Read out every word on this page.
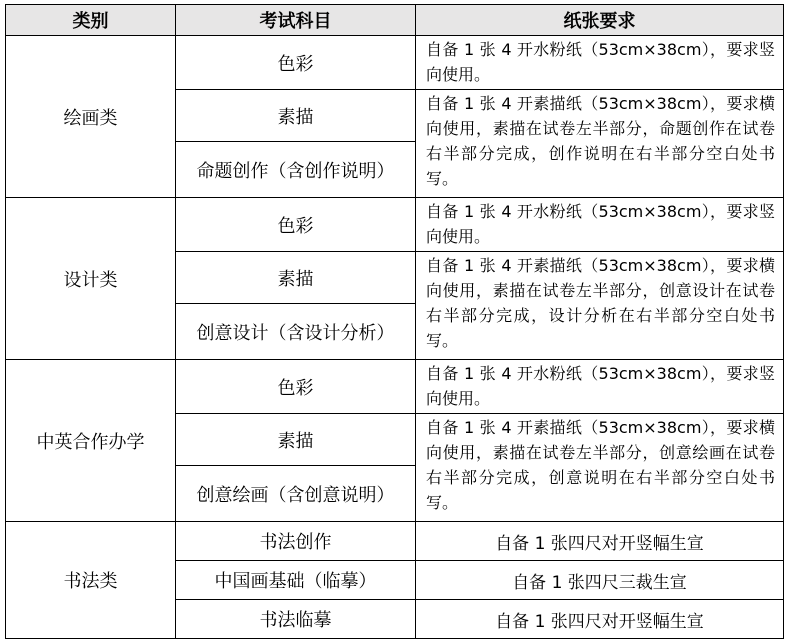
类别	考试科目	纸张要求
绘画类	色彩	自备 1 张 4 开水粉纸（53cm×38cm），要求竖向使用。
	素描	自备 1 张 4 开素描纸（53cm×38cm），要求横向使用，素描在试卷左半部分，命题创作在试卷右半部分完成，创作说明在右半部分空白处书写。
	命题创作（含创作说明）	
设计类	色彩	自备 1 张 4 开水粉纸（53cm×38cm），要求竖向使用。
	素描	自备 1 张 4 开素描纸（53cm×38cm），要求横向使用，素描在试卷左半部分，创意设计在试卷右半部分完成，设计分析在右半部分空白处书写。
	创意设计（含设计分析）	
中英合作办学	色彩	自备 1 张 4 开水粉纸（53cm×38cm），要求竖向使用。
	素描	自备 1 张 4 开素描纸（53cm×38cm），要求横向使用，素描在试卷左半部分，创意绘画在试卷右半部分完成，创意说明在右半部分空白处书写。
	创意绘画（含创意说明）	
书法类	书法创作	自备 1 张四尺对开竖幅生宣
	中国画基础（临摹）	自备 1 张四尺三裁生宣
	书法临摹	自备 1 张四尺对开竖幅生宣
